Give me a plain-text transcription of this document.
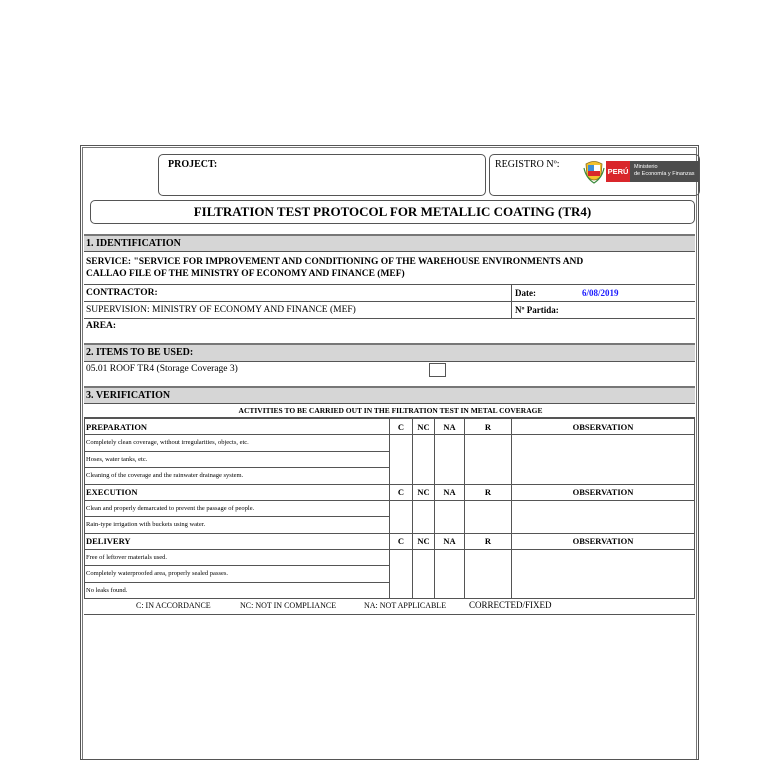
PROJECT:	REGISTRO Nº:
PERÚ Ministerio
de Economía y Finanzas
FILTRATION TEST PROTOCOL FOR METALLIC COATING (TR4)
1. IDENTIFICATION
SERVICE: "SERVICE FOR IMPROVEMENT AND CONDITIONING OF THE WAREHOUSE ENVIRONMENTS AND
CALLAO FILE OF THE MINISTRY OF ECONOMY AND FINANCE (MEF)
CONTRACTOR:	Date:	6/08/2019
SUPERVISION: MINISTRY OF ECONOMY AND FINANCE (MEF)	Nº Partida:
AREA:
2. ITEMS TO BE USED:
05.01 ROOF TR4 (Storage Coverage 3)
3. VERIFICATION
ACTIVITIES TO BE CARRIED OUT IN THE FILTRATION TEST IN METAL COVERAGE
PREPARATION	C	NC	NA	R	OBSERVATION
Completely clean coverage, without irregularities, objects, etc.					
Hoses, water tanks, etc.					
Cleaning of the coverage and the rainwater drainage system.					
EXECUTION	C	NC	NA	R	OBSERVATION
Clean and properly demarcated to prevent the passage of people.					
Rain-type irrigation with buckets using water.					
DELIVERY	C	NC	NA	R	OBSERVATION
Free of leftover materials used.					
Completely waterproofed area, properly sealed passes.					
No leaks found.					
C: IN ACCORDANCE	NC: NOT IN COMPLIANCE	NA: NOT APPLICABLE	CORRECTED/FIXED
